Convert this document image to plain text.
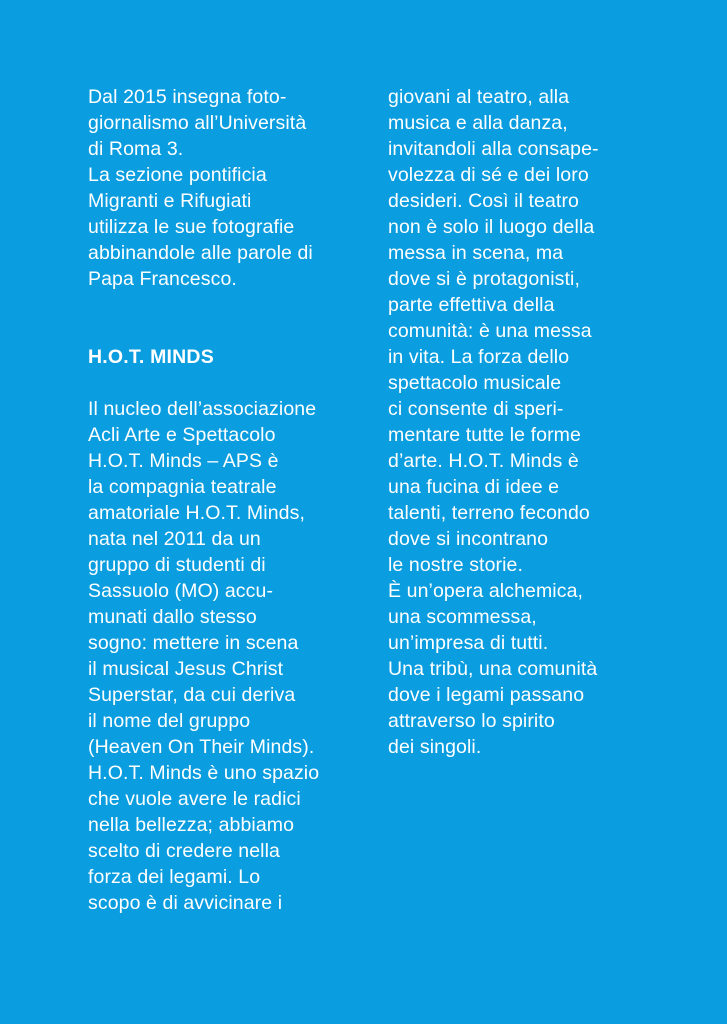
Dal 2015 insegna foto-
giornalismo all’Università
di Roma 3.
La sezione pontificia
Migranti e Rifugiati
utilizza le sue fotografie
abbinandole alle parole di
Papa Francesco.
H.O.T. MINDS
Il nucleo dell’associazione
Acli Arte e Spettacolo
H.O.T. Minds – APS è
la compagnia teatrale
amatoriale H.O.T. Minds,
nata nel 2011 da un
gruppo di studenti di
Sassuolo (MO) accu-
munati dallo stesso
sogno: mettere in scena
il musical Jesus Christ
Superstar, da cui deriva
il nome del gruppo
(Heaven On Their Minds).
H.O.T. Minds è uno spazio
che vuole avere le radici
nella bellezza; abbiamo
scelto di credere nella
forza dei legami. Lo
scopo è di avvicinare i
giovani al teatro, alla
musica e alla danza,
invitandoli alla consape-
volezza di sé e dei loro
desideri. Così il teatro
non è solo il luogo della
messa in scena, ma
dove si è protagonisti,
parte effettiva della
comunità: è una messa
in vita. La forza dello
spettacolo musicale
ci consente di speri-
mentare tutte le forme
d’arte. H.O.T. Minds è
una fucina di idee e
talenti, terreno fecondo
dove si incontrano
le nostre storie.
È un’opera alchemica,
una scommessa,
un’impresa di tutti.
Una tribù, una comunità
dove i legami passano
attraverso lo spirito
dei singoli.
